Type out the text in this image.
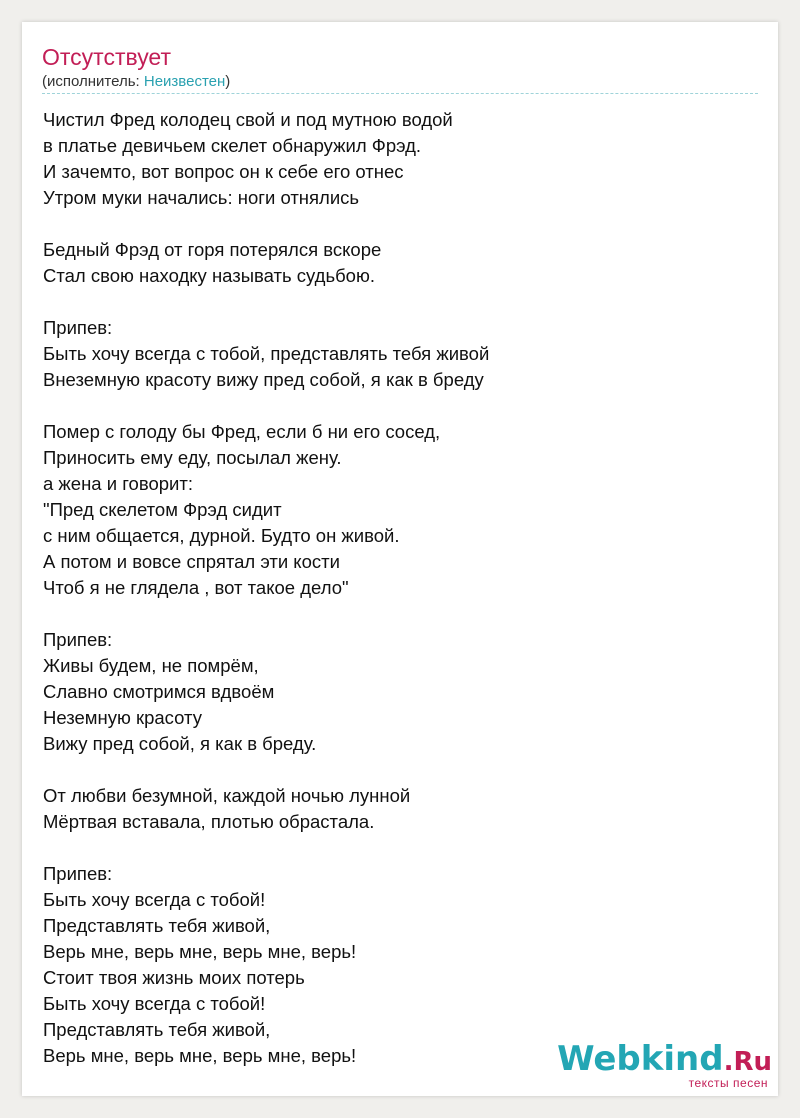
Отсутствует
(исполнитель: Неизвестен)
Чистил Фред колодец свой и под мутною водой
в платье девичьем скелет обнаружил Фрэд.
И зачемто, вот вопрос он к себе его отнес
Утром муки начались: ноги отнялись
Бедный Фрэд от горя потерялся вскоре
Стал свою находку называть судьбою.
Припев:
Быть хочу всегда с тобой, представлять тебя живой
Внеземную красоту вижу пред собой, я как в бреду
Помер с голоду бы Фред, если б ни его сосед,
Приносить ему еду, посылал жену.
а жена и говорит:
"Пред скелетом Фрэд сидит
с ним общается, дурной. Будто он живой.
А потом и вовсе спрятал эти кости
Чтоб я не глядела , вот такое дело"
Припев:
Живы будем, не помрём,
Славно смотримся вдвоём
Неземную красоту
Вижу пред собой, я как в бреду.
От любви безумной, каждой ночью лунной
Мёртвая вставала, плотью обрастала.
Припев:
Быть хочу всегда с тобой!
Представлять тебя живой,
Верь мне, верь мне, верь мне, верь!
Стоит твоя жизнь моих потерь
Быть хочу всегда с тобой!
Представлять тебя живой,
Верь мне, верь мне, верь мне, верь!	Webkind.Ru
тексты песен
